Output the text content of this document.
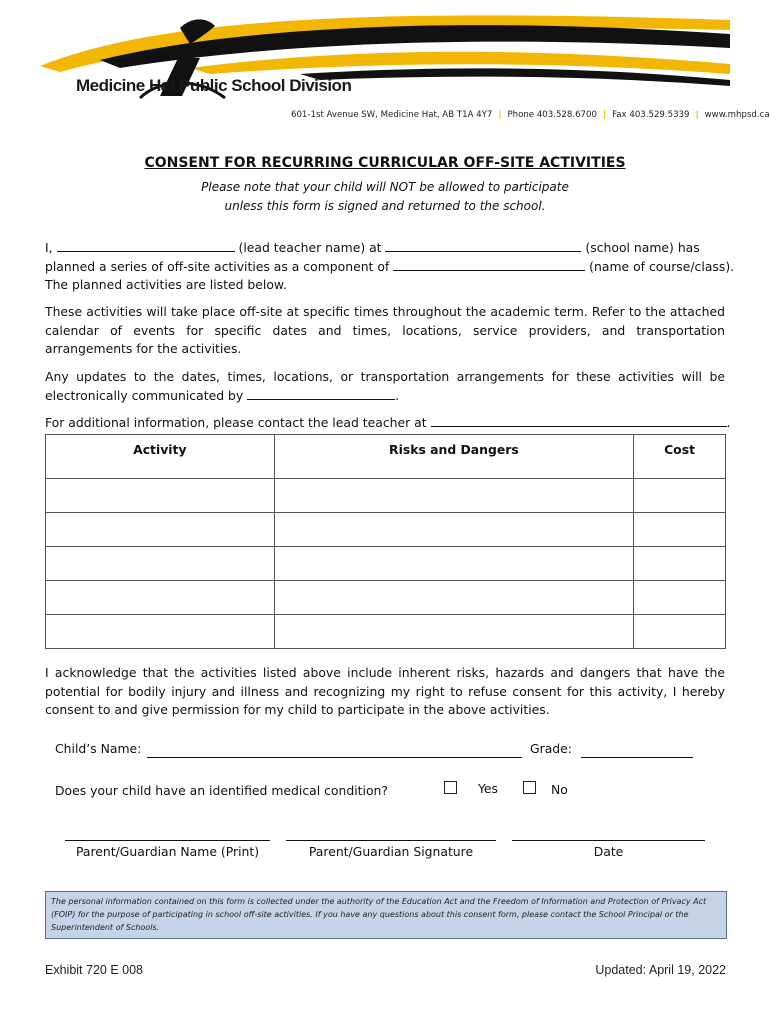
Medicine Hat Public School Division
601-1st Avenue SW, Medicine Hat, AB T1A 4Y7 | Phone 403.528.6700 | Fax 403.529.5339 | www.mhpsd.ca
CONSENT FOR RECURRING CURRICULAR OFF-SITE ACTIVITIES
Please note that your child will NOT be allowed to participate
unless this form is signed and returned to the school.
I,	(lead teacher name) at	(school name) has
planned a series of off-site activities as a component of	(name of course/class).
The planned activities are listed below.
These activities will take place off-site at specific times throughout the academic term. Refer to the attached calendar of events for specific dates and times, locations, service providers, and transportation arrangements for the activities.
Any updates to the dates, times, locations, or transportation arrangements for these activities will be electronically communicated by	.
For additional information, please contact the lead teacher at	.
Activity	Risks and Dangers	Cost

I acknowledge that the activities listed above include inherent risks, hazards and dangers that have the potential for bodily injury and illness and recognizing my right to refuse consent for this activity, I hereby consent to and give permission for my child to participate in the above activities.
Child’s Name:	Grade:
Does your child have an identified medical condition?	Yes	No
Parent/Guardian Name (Print)	Parent/Guardian Signature	Date
The personal information contained on this form is collected under the authority of the Education Act and the Freedom of Information and Protection of Privacy Act (FOIP) for the purpose of participating in school off-site activities. If you have any questions about this consent form, please contact the School Principal or the Superintendent of Schools.
Exhibit 720 E 008	Updated: April 19, 2022
